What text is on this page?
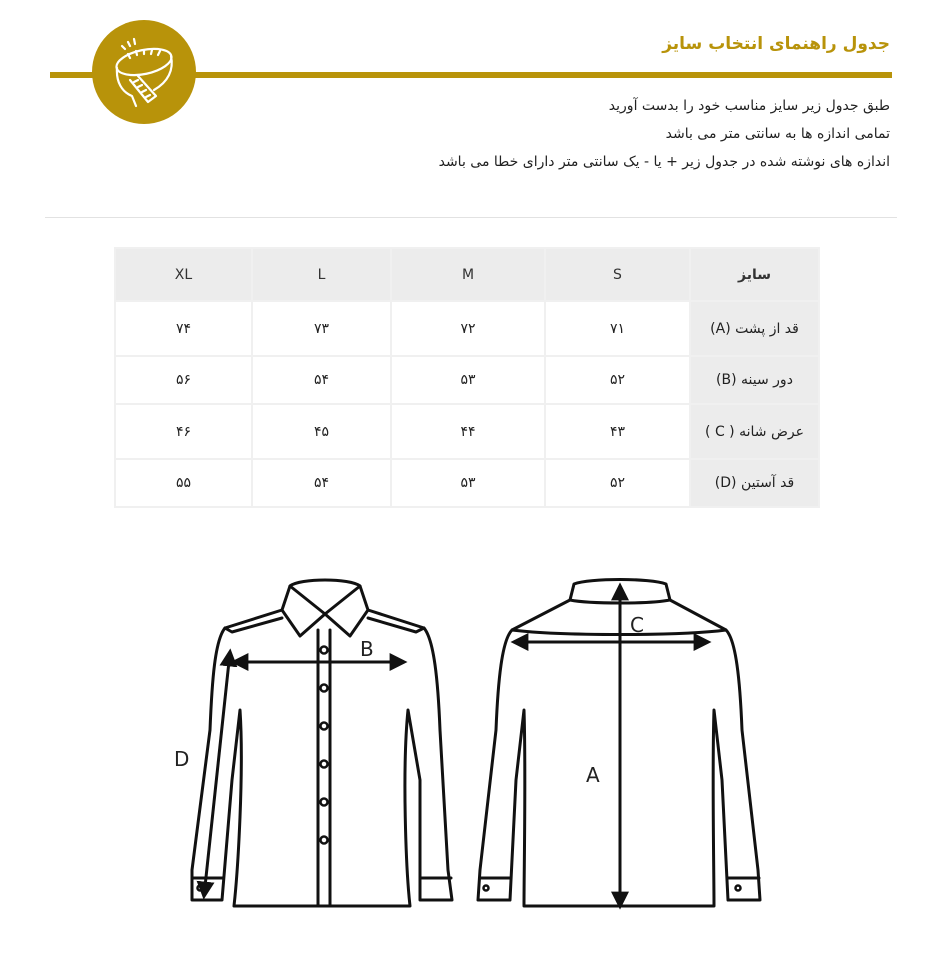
جدول راهنمای انتخاب سایز
طبق جدول زیر سایز مناسب خود را بدست آورید
تمامی اندازه ها به سانتی متر می باشد
اندازه های نوشته شده در جدول زیر + یا - یک سانتی متر دارای خطا می باشد
XL	L	M	S	سایز
۷۴	۷۳	۷۲	۷۱	قد از پشت (A)
۵۶	۵۴	۵۳	۵۲	دور سینه (B)
۴۶	۴۵	۴۴	۴۳	عرض شانه ( C )
۵۵	۵۴	۵۳	۵۲	قد آستین (D)
B
D
C
A
